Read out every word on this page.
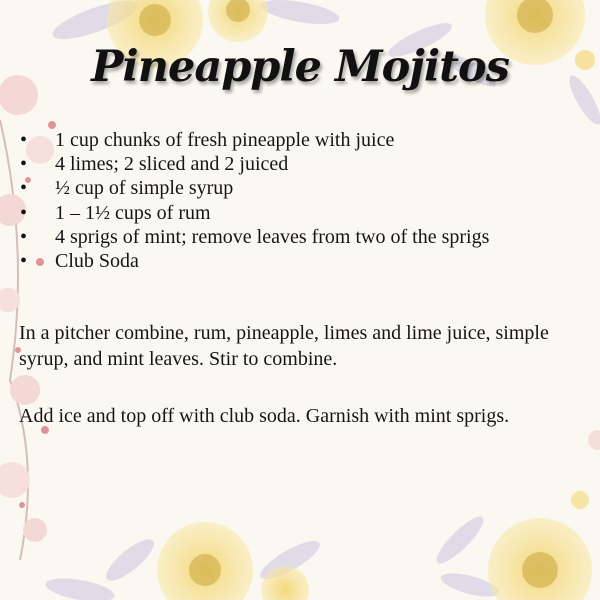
Pineapple Mojitos
•	1 cup chunks of fresh pineapple with juice
•	4 limes; 2 sliced and 2 juiced
•	½ cup of simple syrup
•	1 – 1½ cups of rum
•	4 sprigs of mint; remove leaves from two of the sprigs
•	Club Soda

In a pitcher combine, rum, pineapple, limes and lime juice, simple syrup, and mint leaves. Stir to combine.

Add ice and top off with club soda. Garnish with mint sprigs.
